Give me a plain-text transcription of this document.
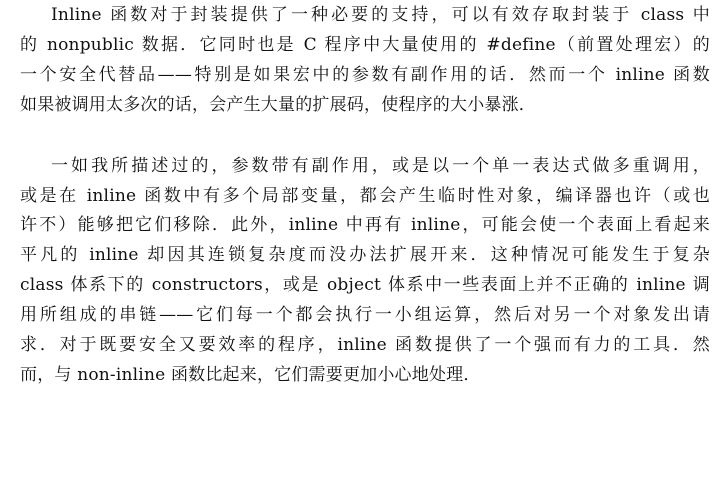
Inline 函数对于封装提供了一种必要的支持，可以有效存取封装于 class 中
的 nonpublic 数据．它同时也是 C 程序中大量使用的 #define（前置处理宏）的
一个安全代替品——特别是如果宏中的参数有副作用的话．然而一个 inline 函数
如果被调用太多次的话，会产生大量的扩展码，使程序的大小暴涨．
一如我所描述过的，参数带有副作用，或是以一个单一表达式做多重调用，
或是在 inline 函数中有多个局部变量，都会产生临时性对象，编译器也许（或也
许不）能够把它们移除．此外，inline 中再有 inline，可能会使一个表面上看起来
平凡的 inline 却因其连锁复杂度而没办法扩展开来．这种情况可能发生于复杂
class 体系下的 constructors，或是 object 体系中一些表面上并不正确的 inline 调
用所组成的串链——它们每一个都会执行一小组运算，然后对另一个对象发出请
求．对于既要安全又要效率的程序，inline 函数提供了一个强而有力的工具．然
而，与 non-inline 函数比起来，它们需要更加小心地处理．
